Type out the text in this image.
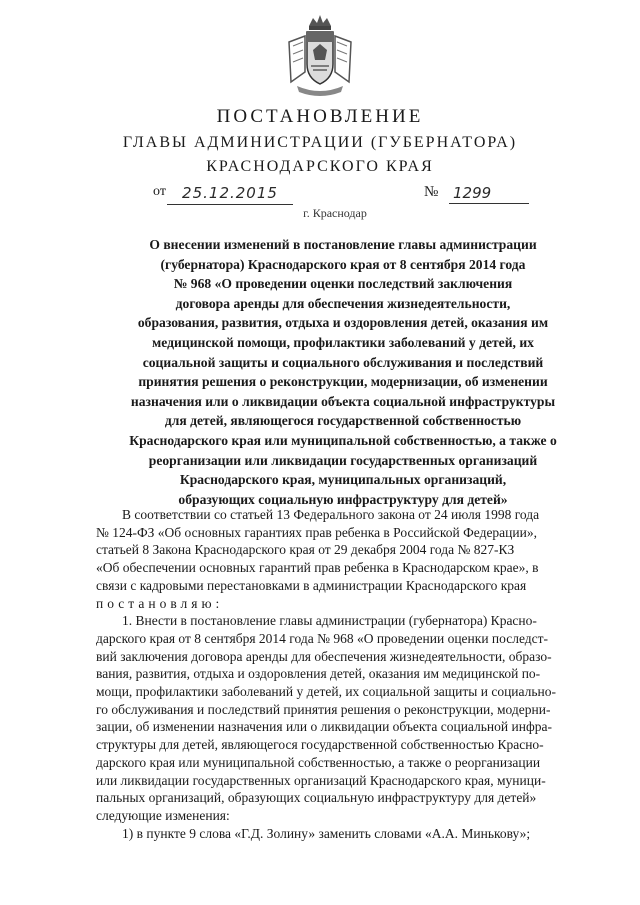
ПОСТАНОВЛЕНИЕ
ГЛАВЫ АДМИНИСТРАЦИИ (ГУБЕРНАТОРА)
КРАСНОДАРСКОГО КРАЯ
от	25.12.2015	№ 1299
г. Краснодар

О внесении изменений в постановление главы администрации

(губернатора) Краснодарского края от 8 сентября 2014 года

№ 968 «О проведении оценки последствий заключения

договора аренды для обеспечения жизнедеятельности,

образования, развития, отдыха и оздоровления детей, оказания им

медицинской помощи, профилактики заболеваний у детей, их

социальной защиты и социального обслуживания и последствий

принятия решения о реконструкции, модернизации, об изменении

назначения или о ликвидации объекта социальной инфраструктуры

для детей, являющегося государственной собственностью

Краснодарского края или муниципальной собственностью, а также о

реорганизации или ликвидации государственных организаций

Краснодарского края, муниципальных организаций,

образующих социальную инфраструктуру для детей»

В соответствии со статьей 13 Федерального закона от 24 июля 1998 года

№ 124-ФЗ «Об основных гарантиях прав ребенка в Российской Федерации»,

статьей 8 Закона Краснодарского края от 29 декабря 2004 года № 827-КЗ

«Об обеспечении основных гарантий прав ребенка в Краснодарском крае», в

связи с кадровыми перестановками в администрации Краснодарского края

постановляю:

1. Внести в постановление главы администрации (губернатора) Красно-

дарского края от 8 сентября 2014 года № 968 «О проведении оценки последст-

вий заключения договора аренды для обеспечения жизнедеятельности, образо-

вания, развития, отдыха и оздоровления детей, оказания им медицинской по-

мощи, профилактики заболеваний у детей, их социальной защиты и социально-

го обслуживания и последствий принятия решения о реконструкции, модерни-

зации, об изменении назначения или о ликвидации объекта социальной инфра-

структуры для детей, являющегося государственной собственностью Красно-

дарского края или муниципальной собственностью, а также о реорганизации

или ликвидации государственных организаций Краснодарского края, муници-

пальных организаций, образующих социальную инфраструктуру для детей»

следующие изменения:

1) в пункте 9 слова «Г.Д. Золину» заменить словами «А.А. Минькову»;
